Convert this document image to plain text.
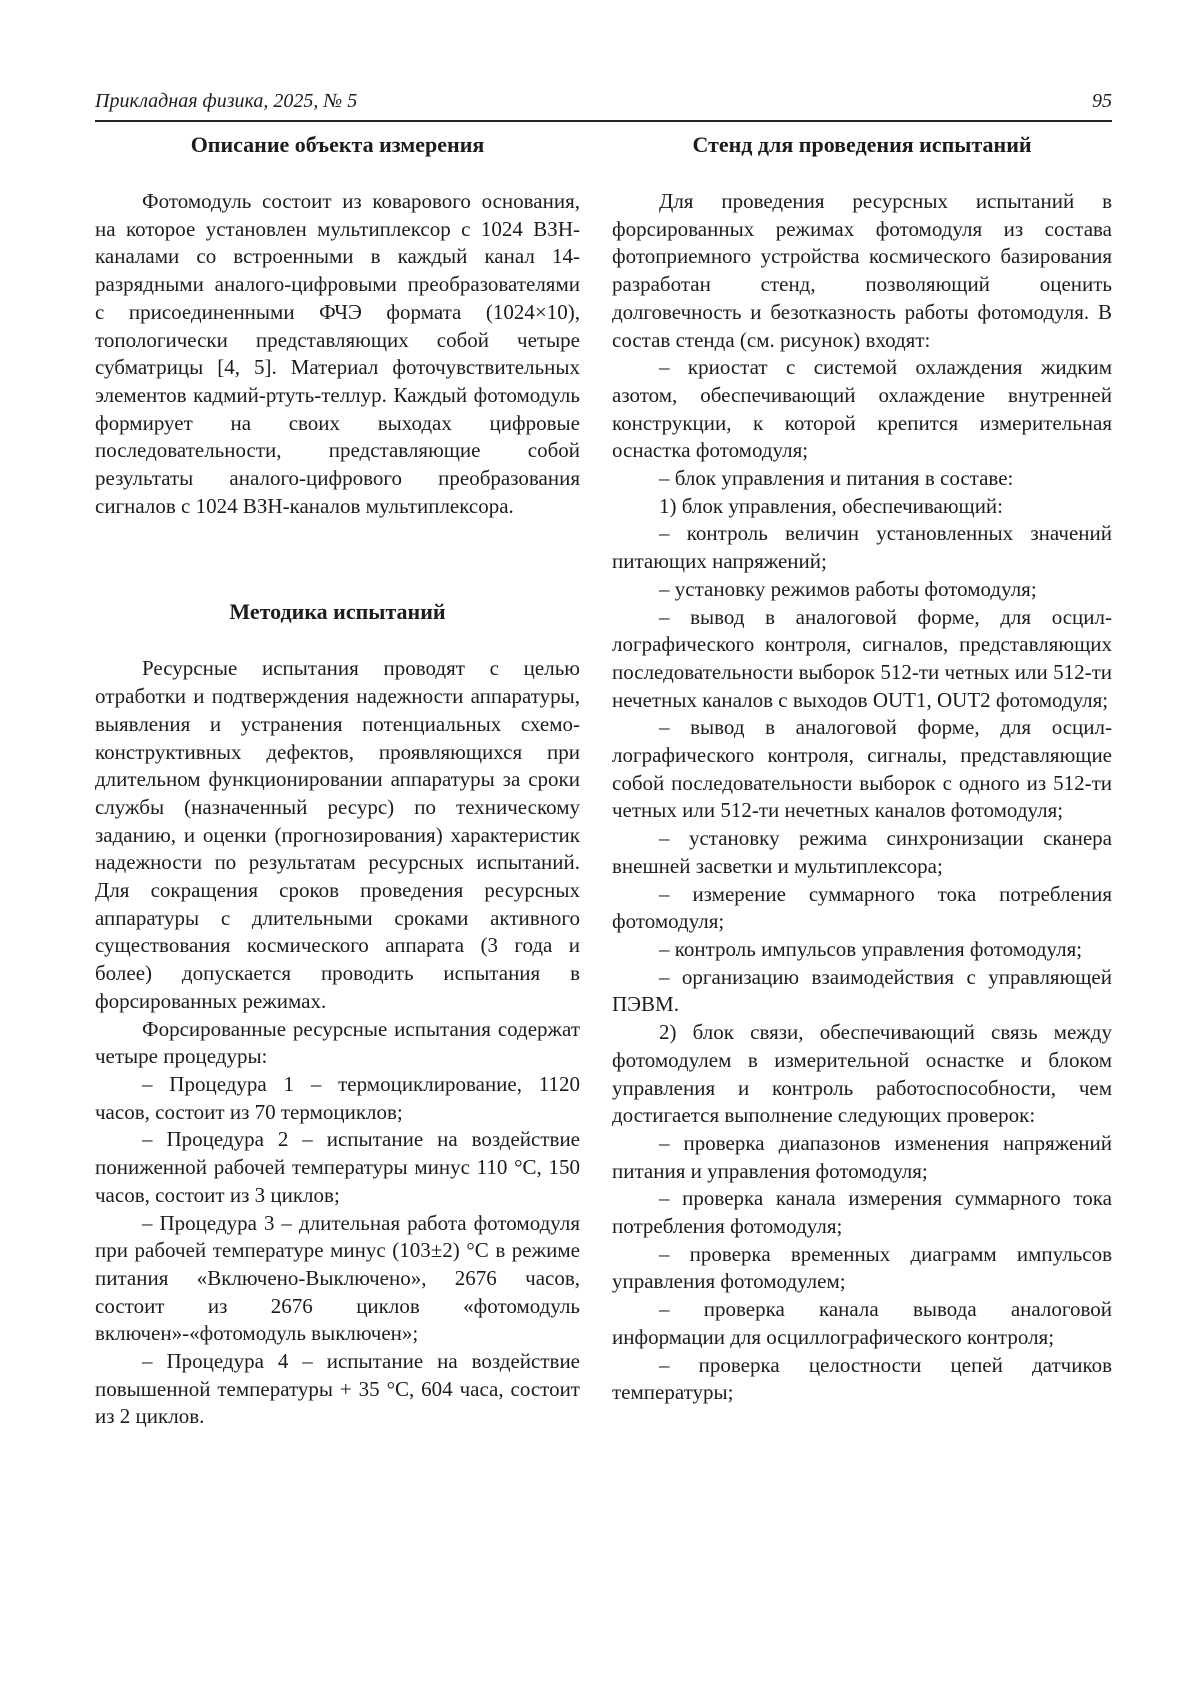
Прикладная физика, 2025, № 5	95
Описание объекта измерения

Фотомодуль состоит из коварового основания, на которое установлен мультиплексор с 1024 ВЗН-каналами со встроенными в каждый канал 14-разрядными аналого-цифровыми преобразователями с присоединенными ФЧЭ формата (1024×10), топологически представляющих собой четыре субматрицы [4, 5]. Материал фоточувствительных элементов кадмий-ртуть-теллур. Каждый фотомодуль формирует на своих выходах цифровые последовательности, представляющие собой результаты аналого-цифрового преобразования сигналов с 1024 ВЗН-каналов мультиплексора.

Методика испытаний

Ресурсные испытания проводят с целью отработки и подтверждения надежности аппаратуры, выявления и устранения потенциальных схемо-конструктивных дефектов, проявляющихся при длительном функционировании аппаратуры за сроки службы (назначенный ресурс) по техническому заданию, и оценки (прогнозирования) характеристик надежности по результатам ресурсных испытаний. Для сокращения сроков проведения ресурсных аппаратуры с длительными сроками активного существования космического аппарата (3 года и более) допускается проводить испытания в форсированных режимах.

Форсированные ресурсные испытания содержат четыре процедуры:

– Процедура 1 – термоциклирование, 1120 часов, состоит из 70 термоциклов;

– Процедура 2 – испытание на воздействие пониженной рабочей температуры минус 110 °С, 150 часов, состоит из 3 циклов;

– Процедура 3 – длительная работа фотомодуля при рабочей температуре минус (103±2) °С в режиме питания «Включено-Выключено», 2676 часов, состоит из 2676 циклов «фотомодуль включен»-«фотомодуль выключен»;

– Процедура 4 – испытание на воздействие повышенной температуры + 35 °С, 604 часа, состоит из 2 циклов.

Стенд для проведения испытаний

Для проведения ресурсных испытаний в форсированных режимах фотомодуля из состава фотоприемного устройства космического базирования разработан стенд, позволяющий оценить долговечность и безотказность работы фотомодуля. В состав стенда (см. рисунок) входят:

– криостат с системой охлаждения жидким азотом, обеспечивающий охлаждение внутренней конструкции, к которой крепится измерительная оснастка фотомодуля;

– блок управления и питания в составе:

1) блок управления, обеспечивающий:

– контроль величин установленных значений питающих напряжений;

– установку режимов работы фотомодуля;

– вывод в аналоговой форме, для осциллографического контроля, сигналов, представляющих последовательности выборок 512-ти четных или 512-ти нечетных каналов с выходов OUT1, OUT2 фотомодуля;

– вывод в аналоговой форме, для осциллографического контроля, сигналы, представляющие собой последовательности выборок с одного из 512-ти четных или 512-ти нечетных каналов фотомодуля;

– установку режима синхронизации сканера внешней засветки и мультиплексора;

– измерение суммарного тока потребления фотомодуля;

– контроль импульсов управления фотомодуля;

– организацию взаимодействия с управляющей ПЭВМ.

2) блок связи, обеспечивающий связь между фотомодулем в измерительной оснастке и блоком управления и контроль работоспособности, чем достигается выполнение следующих проверок:

– проверка диапазонов изменения напряжений питания и управления фотомодуля;

– проверка канала измерения суммарного тока потребления фотомодуля;

– проверка временных диаграмм импульсов управления фотомодулем;

– проверка канала вывода аналоговой информации для осциллографического контроля;

– проверка целостности цепей датчиков температуры;
